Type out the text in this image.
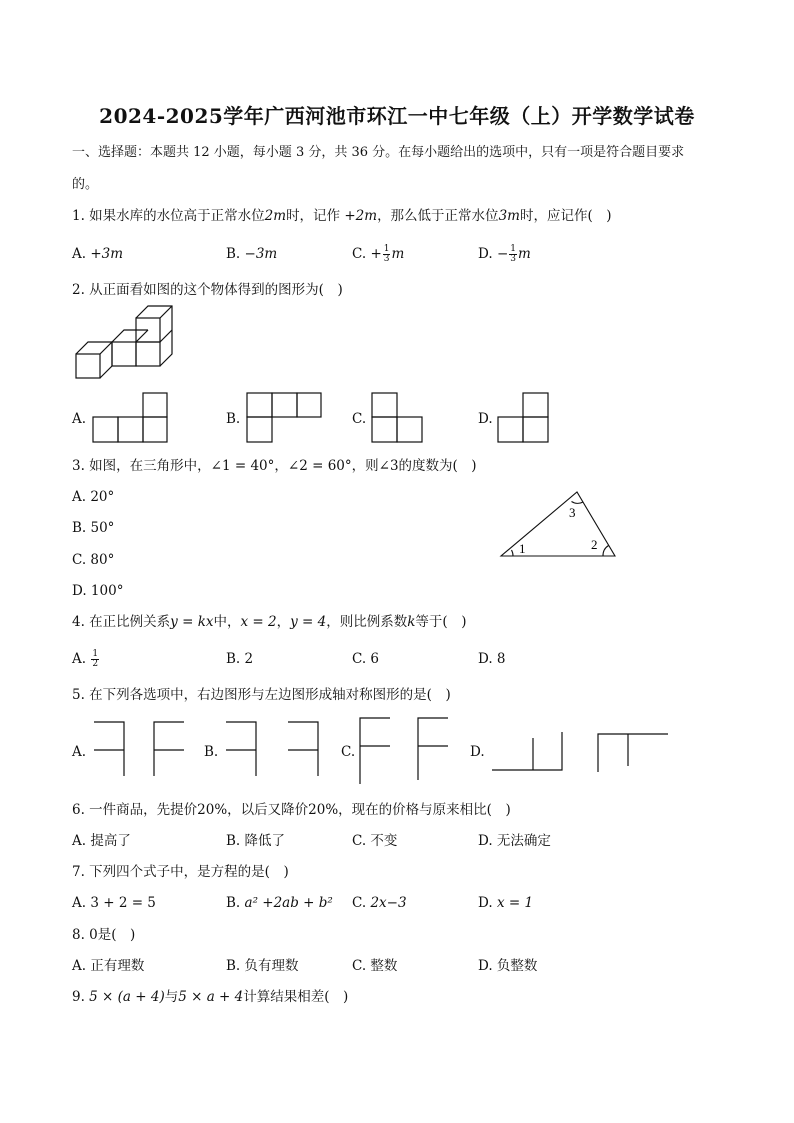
2024-2025学年广西河池市环江一中七年级（上）开学数学试卷
一、选择题：本题共 12 小题，每小题 3 分，共 36 分。在每小题给出的选项中，只有一项是符合题目要求
的。
1. 如果水库的水位高于正常水位2m时，记作 +2m，那么低于正常水位3m时，应记作(　)
A. +3m	B. −3m	C. + $\frac{1}{3}$ m	D. − $\frac{1}{3}$ m
2. 从正面看如图的这个物体得到的图形为(　)
A.	B.	C.	D.
3. 如图，在三角形中，∠1 = 40°，∠2 = 60°，则∠3的度数为(　)
A. 20°
B. 50°
C. 80°
D. 100°
1	2
3
4. 在正比例关系y = kx中，x = 2，y = 4，则比例系数k等于(　)
A. $\frac{1}{2}$	B. 2	C. 6	D. 8
5. 在下列各选项中，右边图形与左边图形成轴对称图形的是(　)
A.	B.	C.	D.
6. 一件商品，先提价20%，以后又降价20%，现在的价格与原来相比(　)
A. 提高了	B. 降低了	C. 不变	D. 无法确定
7. 下列四个式子中，是方程的是(　)
A. 3 + 2 = 5	B. a² +2ab + b² C. 2x−3	D. x = 1
8. 0是(　)
A. 正有理数	B. 负有理数	C. 整数	D. 负整数
9. 5 × (a + 4)与5 × a + 4计算结果相差(　)
